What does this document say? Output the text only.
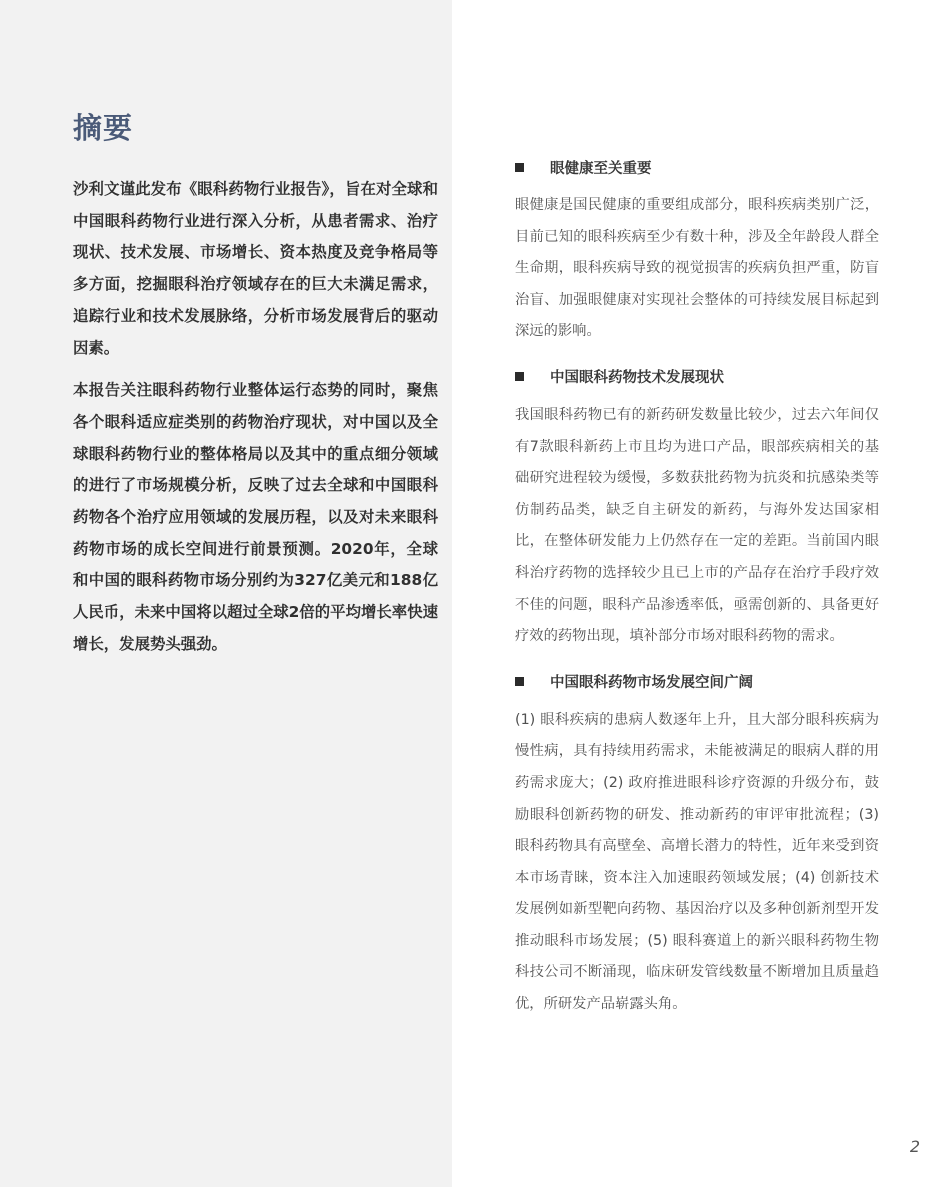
摘要

沙利文谨此发布《眼科药物行业报告》，旨在对全球和中国眼科药物行业进行深入分析，从患者需求、治疗现状、技术发展、市场增长、资本热度及竞争格局等多方面，挖掘眼科治疗领域存在的巨大未满足需求，追踪行业和技术发展脉络，分析市场发展背后的驱动因素。

本报告关注眼科药物行业整体运行态势的同时，聚焦各个眼科适应症类别的药物治疗现状，对中国以及全球眼科药物行业的整体格局以及其中的重点细分领域的进行了市场规模分析，反映了过去全球和中国眼科药物各个治疗应用领域的发展历程，以及对未来眼科药物市场的成长空间进行前景预测。2020年，全球和中国的眼科药物市场分别约为327亿美元和188亿人民币，未来中国将以超过全球2倍的平均增长率快速增长，发展势头强劲。

眼健康至关重要

眼健康是国民健康的重要组成部分，眼科疾病类别广泛，目前已知的眼科疾病至少有数十种，涉及全年龄段人群全生命期，眼科疾病导致的视觉损害的疾病负担严重，防盲治盲、加强眼健康对实现社会整体的可持续发展目标起到深远的影响。

中国眼科药物技术发展现状

我国眼科药物已有的新药研发数量比较少，过去六年间仅有7款眼科新药上市且均为进口产品，眼部疾病相关的基础研究进程较为缓慢，多数获批药物为抗炎和抗感染类等仿制药品类，缺乏自主研发的新药，与海外发达国家相比，在整体研发能力上仍然存在一定的差距。当前国内眼科治疗药物的选择较少且已上市的产品存在治疗手段疗效不佳的问题，眼科产品渗透率低，亟需创新的、具备更好疗效的药物出现，填补部分市场对眼科药物的需求。

中国眼科药物市场发展空间广阔

(1) 眼科疾病的患病人数逐年上升，且大部分眼科疾病为慢性病，具有持续用药需求，未能被满足的眼病人群的用药需求庞大；(2) 政府推进眼科诊疗资源的升级分布，鼓励眼科创新药物的研发、推动新药的审评审批流程；(3) 眼科药物具有高壁垒、高增长潜力的特性，近年来受到资本市场青睐，资本注入加速眼药领域发展；(4) 创新技术发展例如新型靶向药物、基因治疗以及多种创新剂型开发推动眼科市场发展；(5) 眼科赛道上的新兴眼科药物生物科技公司不断涌现，临床研发管线数量不断增加且质量趋优，所研发产品崭露头角。

2
